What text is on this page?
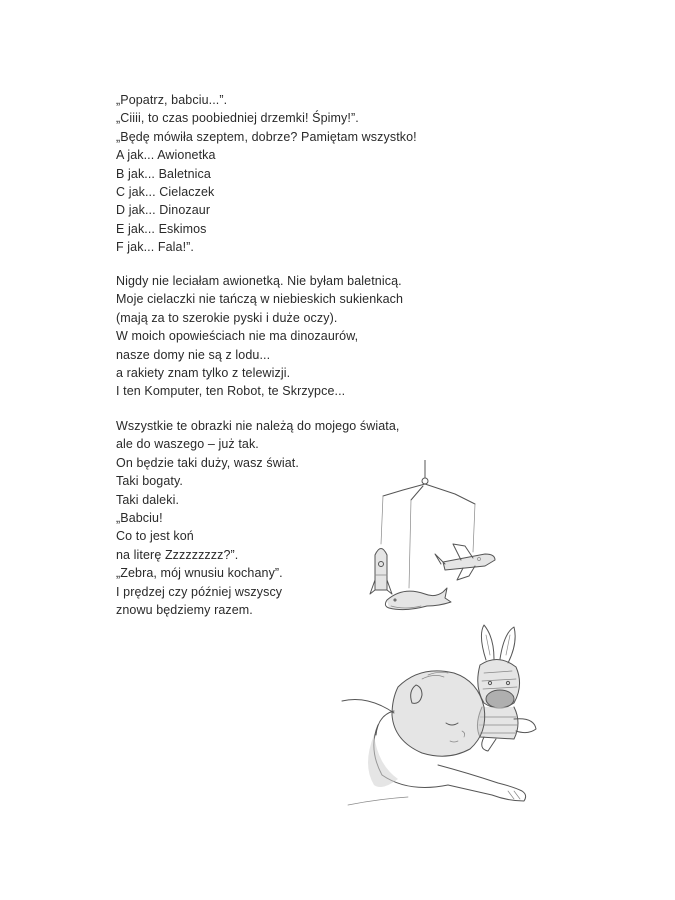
„Popatrz, babciu...”.
„Ciiii, to czas poobiedniej drzemki! Śpimy!”.
„Będę mówiła szeptem, dobrze? Pamiętam wszystko!
A jak... Awionetka
B jak... Baletnica
C jak... Cielaczek
D jak... Dinozaur
E jak... Eskimos
F jak... Fala!”.
Nigdy nie leciałam awionetką. Nie byłam baletnicą.
Moje cielaczki nie tańczą w niebieskich sukienkach
(mają za to szerokie pyski i duże oczy).
W moich opowieściach nie ma dinozaurów,
nasze domy nie są z lodu...
a rakiety znam tylko z telewizji.
I ten Komputer, ten Robot, te Skrzypce...
Wszystkie te obrazki nie należą do mojego świata,
ale do waszego – już tak.
On będzie taki duży, wasz świat.
Taki bogaty.
Taki daleki.
„Babciu!
Co to jest koń
na literę Zzzzzzzzz?”.
„Zebra, mój wnusiu kochany”.
I prędzej czy później wszyscy
znowu będziemy razem.
